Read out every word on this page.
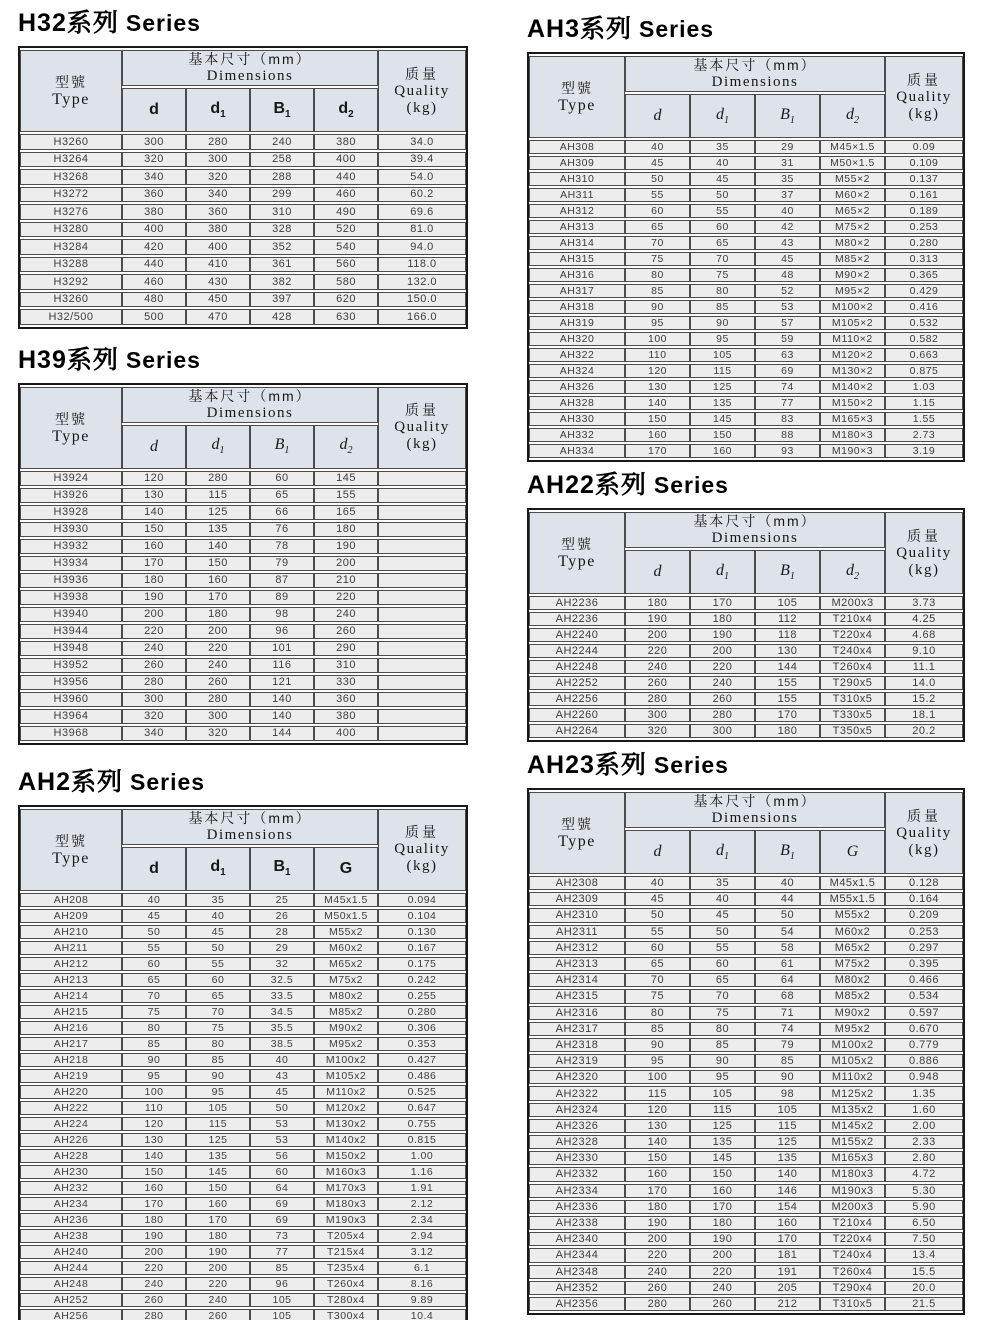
H32系列 Series
型號
Type

基本尺寸（mm）
Dimensions	质量
Quality
(kg)

	d	$d_1$	$B_1$	$d_2$
H3260	300	280	240	380	34.0
H3264	320	300	258	400	39.4
H3268	340	320	288	440	54.0
H3272	360	340	299	460	60.2
H3276	380	360	310	490	69.6
H3280	400	380	328	520	81.0
H3284	420	400	352	540	94.0
H3288	440	410	361	560	118.0
H3292	460	430	382	580	132.0
H3260	480	450	397	620	150.0
H32/500	500	470	428	630	166.0
H39系列 Series
型號
Type

基本尺寸（mm）
Dimensions	质量
Quality
(kg)

	d	$d_1$	$B_1$	$d_2$
H3924	120	280	60	145	
H3926	130	115	65	155	
H3928	140	125	66	165	
H3930	150	135	76	180	
H3932	160	140	78	190	
H3934	170	150	79	200	
H3936	180	160	87	210	
H3938	190	170	89	220	
H3940	200	180	98	240	
H3944	220	200	96	260	
H3948	240	220	101	290	
H3952	260	240	116	310	
H3956	280	260	121	330	
H3960	300	280	140	360	
H3964	320	300	140	380	
H3968	340	320	144	400	
AH2系列 Series
型號
Type

基本尺寸（mm）
Dimensions	质量
Quality
(kg)

	d	$d_1$	$B_1$	G	
AH208	40	35	25	M45x1.5	0.094
AH209	45	40	26	M50x1.5	0.104
AH210	50	45	28	M55x2	0.130
AH211	55	50	29	M60x2	0.167
AH212	60	55	32	M65x2	0.175
AH213	65	60	32.5	M75x2	0.242
AH214	70	65	33.5	M80x2	0.255
AH215	75	70	34.5	M85x2	0.280
AH216	80	75	35.5	M90x2	0.306
AH217	85	80	38.5	M95x2	0.353
AH218	90	85	40	M100x2	0.427
AH219	95	90	43	M105x2	0.486
AH220	100	95	45	M110x2	0.525
AH222	110	105	50	M120x2	0.647
AH224	120	115	53	M130x2	0.755
AH226	130	125	53	M140x2	0.815
AH228	140	135	56	M150x2	1.00
AH230	150	145	60	M160x3	1.16
AH232	160	150	64	M170x3	1.91
AH234	170	160	69	M180x3	2.12
AH236	180	170	69	M190x3	2.34
AH238	190	180	73	T205x4	2.94
AH240	200	190	77	T215x4	3.12
AH244	220	200	85	T235x4	6.1
AH248	240	220	96	T260x4	8.16
AH252	260	240	105	T280x4	9.89
AH256	280	260	105	T300x4	10.4
AH3系列 Series
型號
Type

基本尺寸（mm）
Dimensions	质量
Quality
(kg)

	d	$d_1$	$B_1$	$d_2$
AH308	40	35	29	M45×1.5	0.09
AH309	45	40	31	M50×1.5	0.109
AH310	50	45	35	M55×2	0.137
AH311	55	50	37	M60×2	0.161
AH312	60	55	40	M65×2	0.189
AH313	65	60	42	M75×2	0.253
AH314	70	65	43	M80×2	0.280
AH315	75	70	45	M85×2	0.313
AH316	80	75	48	M90×2	0.365
AH317	85	80	52	M95×2	0.429
AH318	90	85	53	M100×2	0.416
AH319	95	90	57	M105×2	0.532
AH320	100	95	59	M110×2	0.582
AH322	110	105	63	M120×2	0.663
AH324	120	115	69	M130×2	0.875
AH326	130	125	74	M140×2	1.03
AH328	140	135	77	M150×2	1.15
AH330	150	145	83	M165×3	1.55
AH332	160	150	88	M180×3	2.73
AH334	170	160	93	M190×3	3.19
AH22系列 Series
型號
Type

基本尺寸（mm）
Dimensions	质量
Quality
(kg)

	d	$d_1$	$B_1$	$d_2$
AH2236	180	170	105	M200x3	3.73
AH2236	190	180	112	T210x4	4.25
AH2240	200	190	118	T220x4	4.68
AH2244	220	200	130	T240x4	9.10
AH2248	240	220	144	T260x4	11.1
AH2252	260	240	155	T290x5	14.0
AH2256	280	260	155	T310x5	15.2
AH2260	300	280	170	T330x5	18.1
AH2264	320	300	180	T350x5	20.2
AH23系列 Series
型號
Type

基本尺寸（mm）
Dimensions	质量
Quality
(kg)

	d	$d_1$	$B_1$	G	
AH2308	40	35	40	M45x1.5	0.128
AH2309	45	40	44	M55x1.5	0.164
AH2310	50	45	50	M55x2	0.209
AH2311	55	50	54	M60x2	0.253
AH2312	60	55	58	M65x2	0.297
AH2313	65	60	61	M75x2	0.395
AH2314	70	65	64	M80x2	0.466
AH2315	75	70	68	M85x2	0.534
AH2316	80	75	71	M90x2	0.597
AH2317	85	80	74	M95x2	0.670
AH2318	90	85	79	M100x2	0.779
AH2319	95	90	85	M105x2	0.886
AH2320	100	95	90	M110x2	0.948
AH2322	115	105	98	M125x2	1.35
AH2324	120	115	105	M135x2	1.60
AH2326	130	125	115	M145x2	2.00
AH2328	140	135	125	M155x2	2.33
AH2330	150	145	135	M165x3	2.80
AH2332	160	150	140	M180x3	4.72
AH2334	170	160	146	M190x3	5.30
AH2336	180	170	154	M200x3	5.90
AH2338	190	180	160	T210x4	6.50
AH2340	200	190	170	T220x4	7.50
AH2344	220	200	181	T240x4	13.4
AH2348	240	220	191	T260x4	15.5
AH2352	260	240	205	T290x4	20.0
AH2356	280	260	212	T310x5	21.5
